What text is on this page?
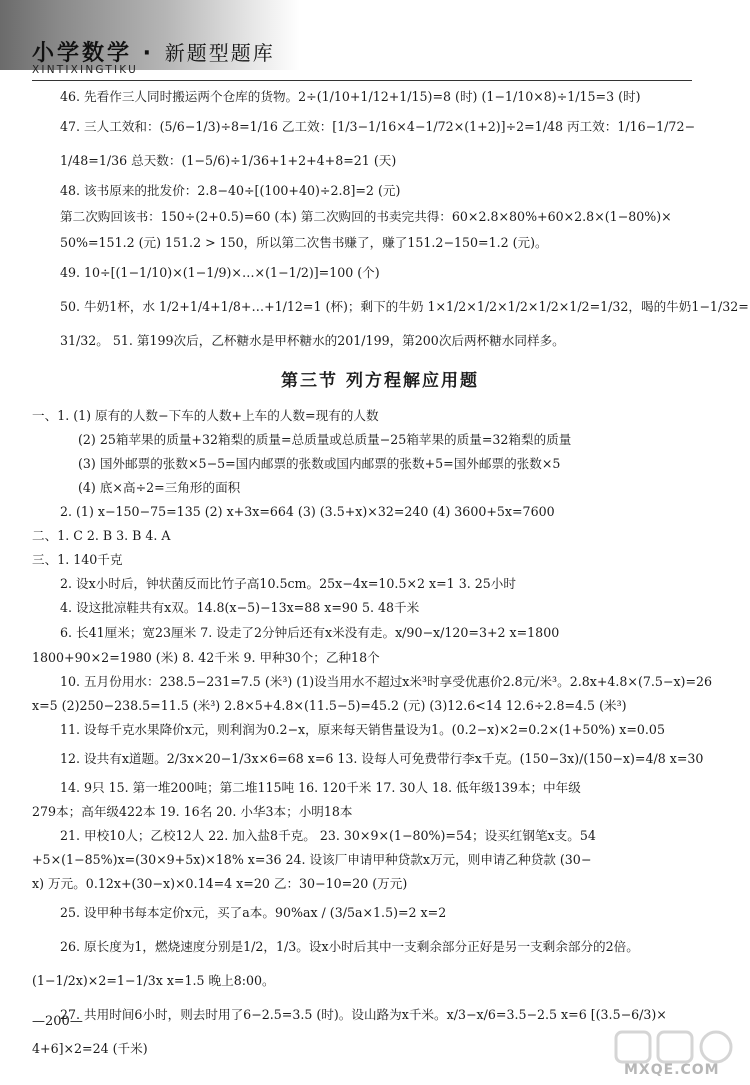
小学数学 · 新题型题库
XINTIXINGTIKU
46. 先看作三人同时搬运两个仓库的货物。2÷(1/10+1/12+1/15)=8 (时) (1−1/10×8)÷1/15=3 (时)
47. 三人工效和：(5/6−1/3)÷8=1/16 乙工效：[1/3−1/16×4−1/72×(1+2)]÷2=1/48 丙工效：1/16−1/72−
1/48=1/36 总天数：(1−5/6)÷1/36+1+2+4+8=21 (天)
48. 该书原来的批发价：2.8−40÷[(100+40)÷2.8]=2 (元)
第二次购回该书：150÷(2+0.5)=60 (本) 第二次购回的书卖完共得：60×2.8×80%+60×2.8×(1−80%)×
50%=151.2 (元) 151.2 > 150，所以第二次售书赚了，赚了151.2−150=1.2 (元)。
49. 10÷[(1−1/10)×(1−1/9)×…×(1−1/2)]=100 (个)
50. 牛奶1杯，水 1/2+1/4+1/8+…+1/12=1 (杯)；剩下的牛奶 1×1/2×1/2×1/2×1/2×1/2=1/32，喝的牛奶1−1/32=
31/32。 51. 第199次后，乙杯糖水是甲杯糖水的201/199，第200次后两杯糖水同样多。
第三节 列方程解应用题
一、1. (1) 原有的人数−下车的人数+上车的人数=现有的人数
(2) 25箱苹果的质量+32箱梨的质量=总质量或总质量−25箱苹果的质量=32箱梨的质量
(3) 国外邮票的张数×5−5=国内邮票的张数或国内邮票的张数+5=国外邮票的张数×5
(4) 底×高÷2=三角形的面积
2. (1) x−150−75=135 (2) x+3x=664 (3) (3.5+x)×32=240 (4) 3600+5x=7600
二、1. C 2. B 3. B 4. A
三、1. 140千克
2. 设x小时后，钟状菌反而比竹子高10.5cm。25x−4x=10.5×2 x=1 3. 25小时
4. 设这批凉鞋共有x双。14.8(x−5)−13x=88 x=90 5. 48千米
6. 长41厘米；宽23厘米 7. 设走了2分钟后还有x米没有走。x/90−x/120=3+2 x=1800
1800+90×2=1980 (米) 8. 42千米 9. 甲种30个；乙种18个
10. 五月份用水：238.5−231=7.5 (米³) (1)设当用水不超过x米³时享受优惠价2.8元/米³。2.8x+4.8×(7.5−x)=26
x=5 (2)250−238.5=11.5 (米³) 2.8×5+4.8×(11.5−5)=45.2 (元) (3)12.6<14 12.6÷2.8=4.5 (米³)
11. 设每千克水果降价x元，则利润为0.2−x，原来每天销售量设为1。(0.2−x)×2=0.2×(1+50%) x=0.05
12. 设共有x道题。2/3x×20−1/3x×6=68 x=6 13. 设每人可免费带行李x千克。(150−3x)/(150−x)=4/8 x=30
14. 9只 15. 第一堆200吨；第二堆115吨 16. 120千米 17. 30人 18. 低年级139本；中年级
279本；高年级422本 19. 16名 20. 小华3本；小明18本
21. 甲校10人；乙校12人 22. 加入盐8千克。 23. 30×9×(1−80%)=54；设买红钢笔x支。54
+5×(1−85%)x=(30×9+5x)×18% x=36 24. 设该厂申请甲种贷款x万元，则申请乙种贷款 (30−
x) 万元。0.12x+(30−x)×0.14=4 x=20 乙：30−10=20 (万元)
25. 设甲种书每本定价x元，买了a本。90%ax / (3/5a×1.5)=2 x=2
26. 原长度为1，燃烧速度分别是1/2，1/3。设x小时后其中一支剩余部分正好是另一支剩余部分的2倍。
(1−1/2x)×2=1−1/3x x=1.5 晚上8:00。
27. 共用时间6小时，则去时用了6−2.5=3.5 (时)。设山路为x千米。x/3−x/6=3.5−2.5 x=6 [(3.5−6/3)×
4+6]×2=24 (千米)
—200—
MXQE.COM
